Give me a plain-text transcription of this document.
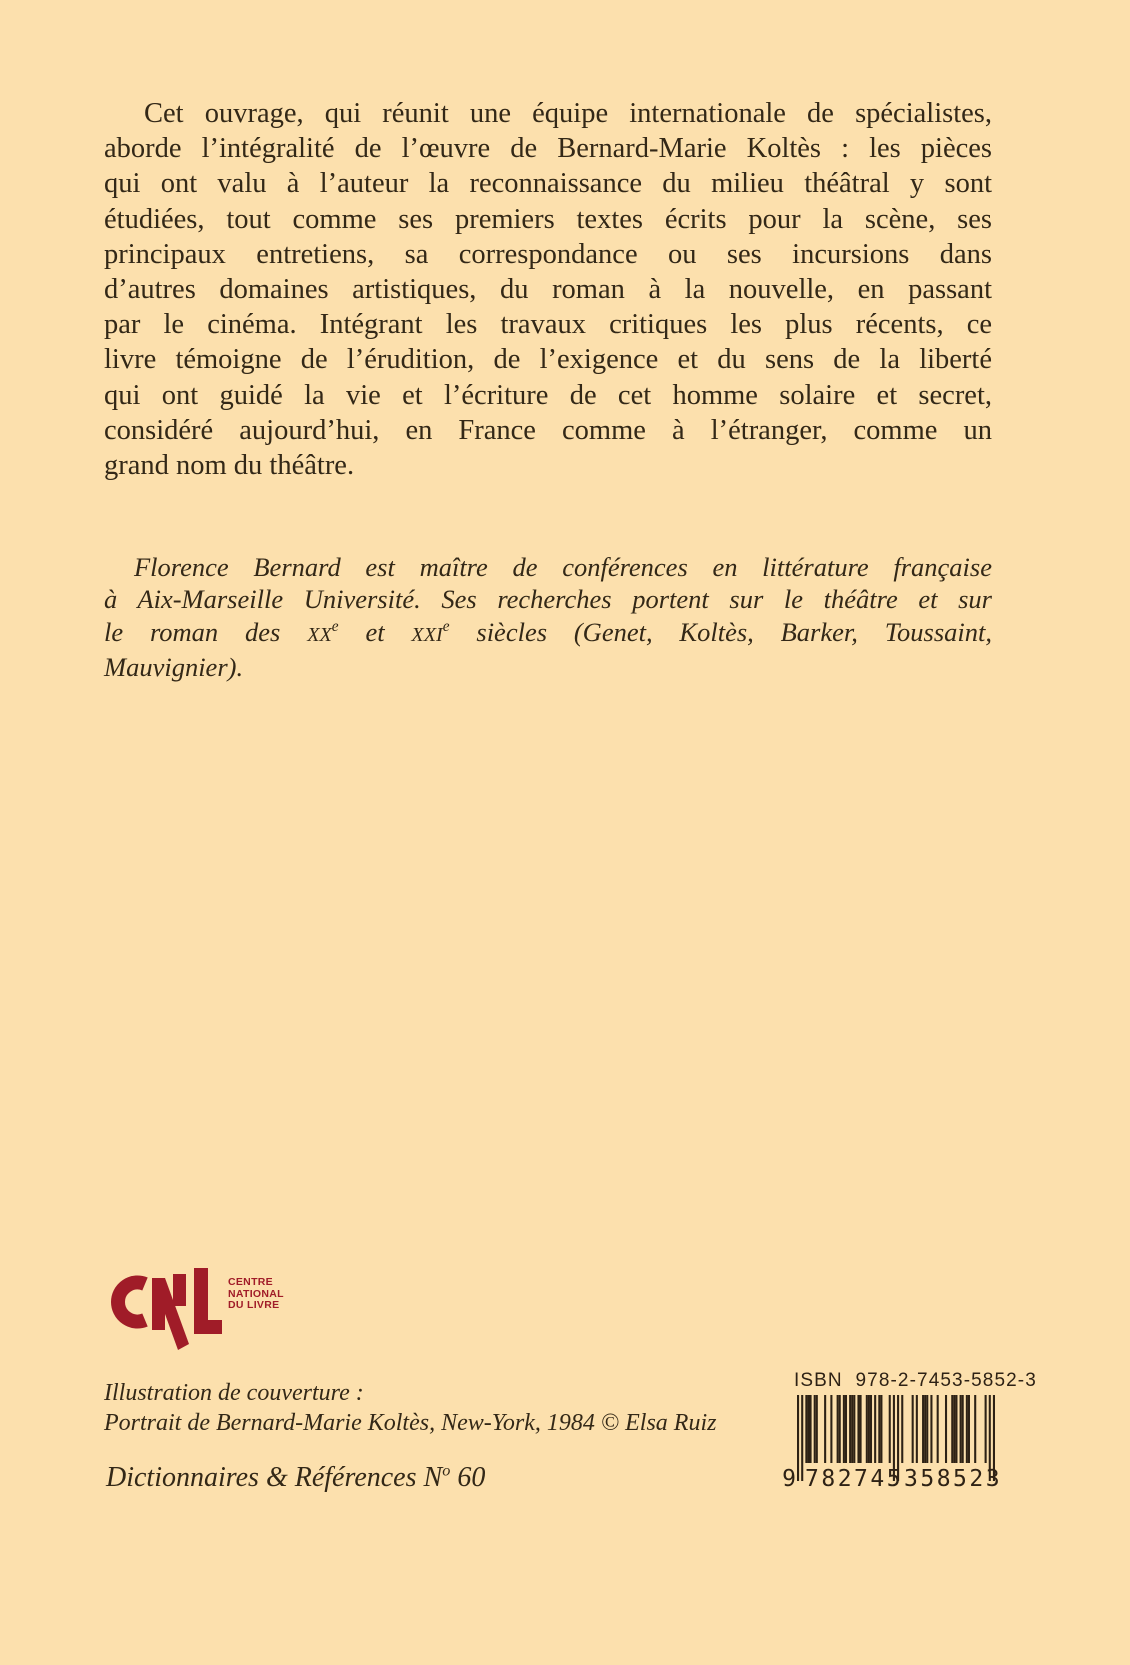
Cet ouvrage, qui réunit une équipe internationale de spécialistes,
aborde l’intégralité de l’œuvre de Bernard-Marie Koltès : les pièces
qui ont valu à l’auteur la reconnaissance du milieu théâtral y sont
étudiées, tout comme ses premiers textes écrits pour la scène, ses
principaux entretiens, sa correspondance ou ses incursions dans
d’autres domaines artistiques, du roman à la nouvelle, en passant
par le cinéma. Intégrant les travaux critiques les plus récents, ce
livre témoigne de l’érudition, de l’exigence et du sens de la liberté
qui ont guidé la vie et l’écriture de cet homme solaire et secret,
considéré aujourd’hui, en France comme à l’étranger, comme un
grand nom du théâtre.
Florence Bernard est maître de conférences en littérature française
à Aix-Marseille Université. Ses recherches portent sur le théâtre et sur
le roman des XXe et XXIe siècles (Genet, Koltès, Barker, Toussaint,
Mauvignier).
CENTRE
NATIONAL
DU LIVRE
Illustration de couverture :
Portrait de Bernard-Marie Koltès, New-York, 1984 © Elsa Ruiz
Dictionnaires & Références $N^o$ 60
ISBN  978-2-7453-5852-3
9 782745 358523
